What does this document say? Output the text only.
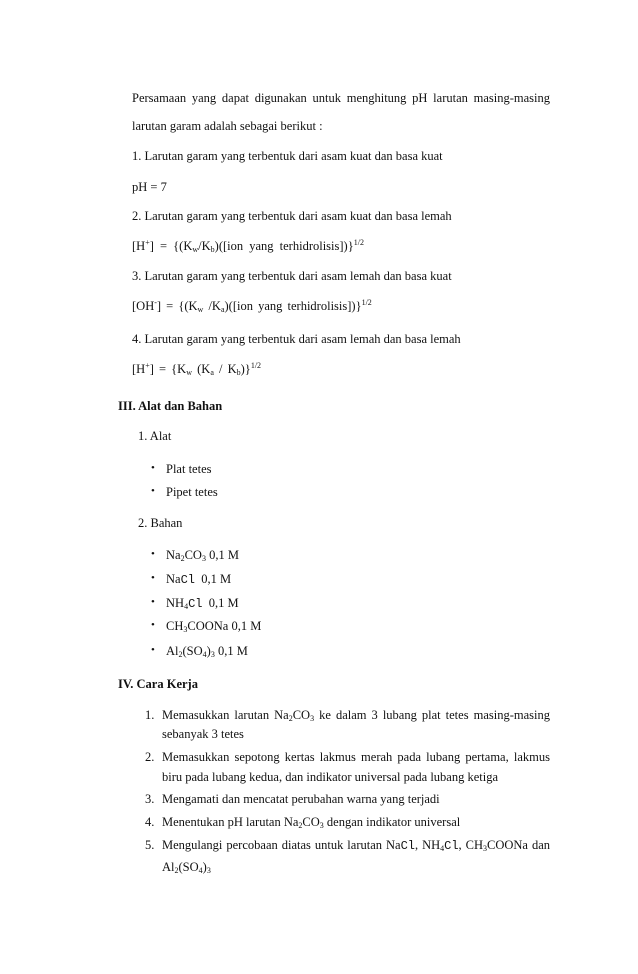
Persamaan yang dapat digunakan untuk menghitung pH larutan masing-masing
larutan garam adalah sebagai berikut :
1. Larutan garam yang terbentuk dari asam kuat dan basa kuat
pH = 7
2. Larutan garam yang terbentuk dari asam kuat dan basa lemah
$[H^+] = \{(K_w/K_b)([ion$ yang terhidrolisis])}$^{1/2}$
3. Larutan garam yang terbentuk dari asam lemah dan basa kuat
$[OH^-] = \{(K_w$ $/K_a)([ion$ yang terhidrolisis])}$^{1/2}$
4. Larutan garam yang terbentuk dari asam lemah dan basa lemah
$[H^+] = \{K_w$ $(K_a / K_b)\}^{1/2}$
III. Alat dan Bahan
1. Alat
• Plat tetes
• Pipet tetes
2. Bahan
• $Na_2CO_3$ 0,1 M
• NaCl  0,1 M
• $NH_4Cl$  0,1 M
• $CH_3COONa$ 0,1 M
• $Al_2(SO_4)_3$ 0,1 M
IV. Cara Kerja
1. Memasukkan larutan $Na_2CO_3$ ke dalam 3 lubang plat tetes masing-masing
sebanyak 3 tetes
2. Memasukkan sepotong kertas lakmus merah pada lubang pertama, lakmus
biru pada lubang kedua, dan indikator universal pada lubang ketiga
3. Mengamati dan mencatat perubahan warna yang terjadi
4. Menentukan pH larutan $Na_2CO_3$ dengan indikator universal
5. Mengulangi percobaan diatas untuk larutan NaCl, $NH_4Cl$, $CH_3COONa$ dan
$Al_2(SO_4)_3$
